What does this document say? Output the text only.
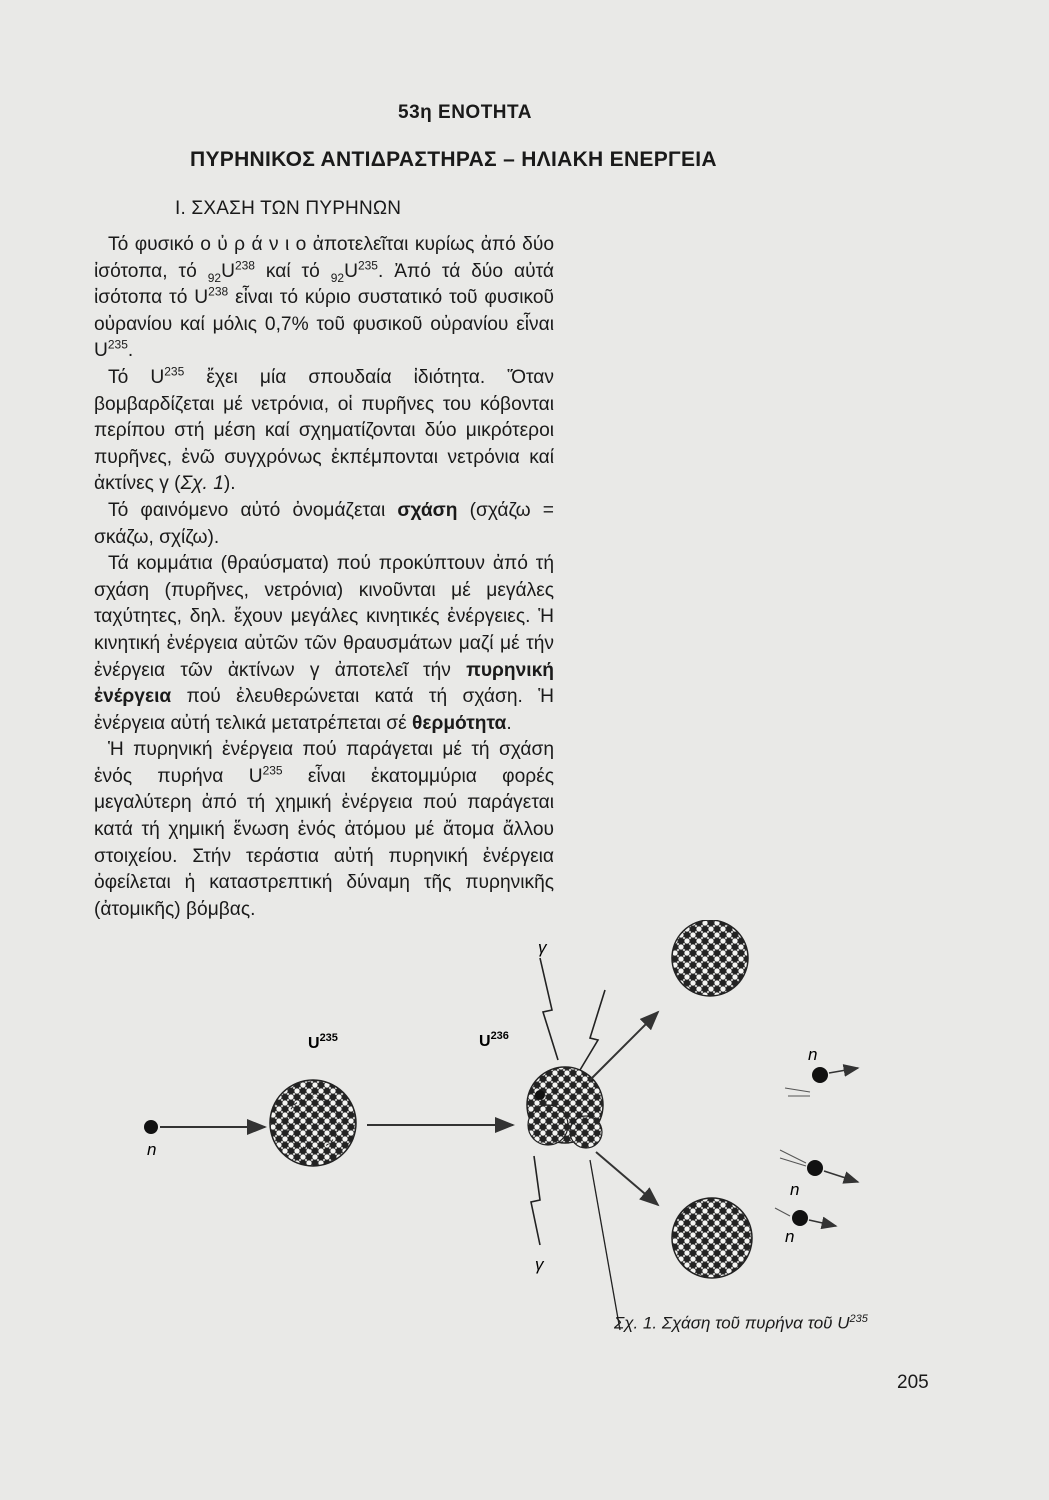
53η ΕΝΟΤΗΤΑ
ΠΥΡΗΝΙΚΟΣ ΑΝΤΙΔΡΑΣΤΗΡΑΣ – ΗΛΙΑΚΗ ΕΝΕΡΓΕΙΑ
Ι. ΣΧΑΣΗ ΤΩΝ ΠΥΡΗΝΩΝ

Τό φυσικό ο ὐ ρ ά ν ι ο ἀποτελεῖται κυρίως ἀπό δύο ἰσότοπα, τό $_{92}U^{238}$ καί τό $_{92}U^{235}$. Ἀπό τά δύο αὐτά ἰσότοπα τό $U^{238}$ εἶναι τό κύριο συστατικό τοῦ φυσικοῦ οὐρανίου καί μόλις 0,7% τοῦ φυσικοῦ οὐρανίου εἶναι $U^{235}$.

Τό $U^{235}$ ἔχει μία σπουδαία ἰδιότητα. Ὅταν βομβαρδίζεται μέ νετρόνια, οἱ πυρῆνες του κόβονται περίπου στή μέση καί σχηματίζονται δύο μικρότεροι πυρῆνες, ἐνῶ συγχρόνως ἐκπέμπονται νετρόνια καί ἀκτίνες γ (Σχ. 1).

Τό φαινόμενο αὐτό ὀνομάζεται σχάση (σχάζω = σκάζω, σχίζω).

Τά κομμάτια (θραύσματα) πού προκύπτουν ἀπό τή σχάση (πυρῆνες, νετρόνια) κινοῦνται μέ μεγάλες ταχύτητες, δηλ. ἔχουν μεγάλες κινητικές ἐνέργειες. Ἡ κινητική ἐνέργεια αὐτῶν τῶν θραυσμάτων μαζί μέ τήν ἐνέργεια τῶν ἀκτίνων γ ἀποτελεῖ τήν πυρηνική ἐνέργεια πού ἐλευθερώνεται κατά τή σχάση. Ἡ ἐνέργεια αὐτή τελικά μετατρέπεται σέ θερμότητα.

Ἡ πυρηνική ἐνέργεια πού παράγεται μέ τή σχάση ἑνός πυρήνα $U^{235}$ εἶναι ἑκατομμύρια φορές μεγαλύτερη ἀπό τή χημική ἐνέργεια πού παράγεται κατά τή χημική ἕνωση ἑνός ἀτόμου μέ ἄτομα ἄλλου στοιχείου. Στήν τεράστια αὐτή πυρηνική ἐνέργεια ὀφείλεται ἡ καταστρεπτική δύναμη τῆς πυρηνικῆς (ἀτομικῆς) βόμβας.

n
$U^{235}$	$U^{236}$
γ
γ
n
n
n
Σχ. 1. Σχάση τοῦ πυρήνα τοῦ $U^{235}$
205
